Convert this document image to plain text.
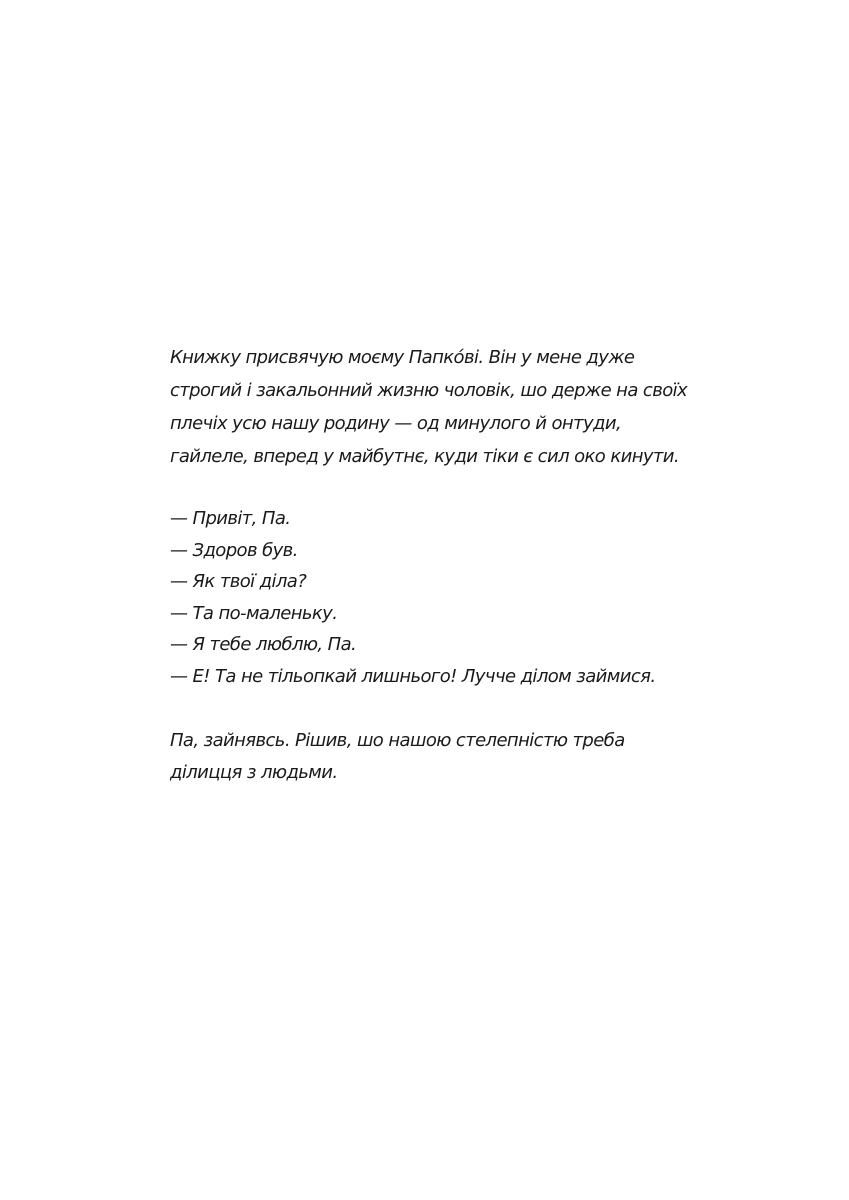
Книжку присвячую моєму Папкóві. Він у мене дуже
строгий і закальонний жизню чоловік, шо держе на своїх
плечіх усю нашу родину — од минулого й онтуди,
гайлеле, вперед у майбутнє, куди тіки є сил око кинути.
— Привіт, Па.
— Здоров був.
— Як твої діла?
— Та по-маленьку.
— Я тебе люблю, Па.
— Е! Та не тільопкай лишнього! Лучче ділом займися.
Па, зайнявсь. Рішив, шо нашою стелепністю треба
ділицця з людьми.
